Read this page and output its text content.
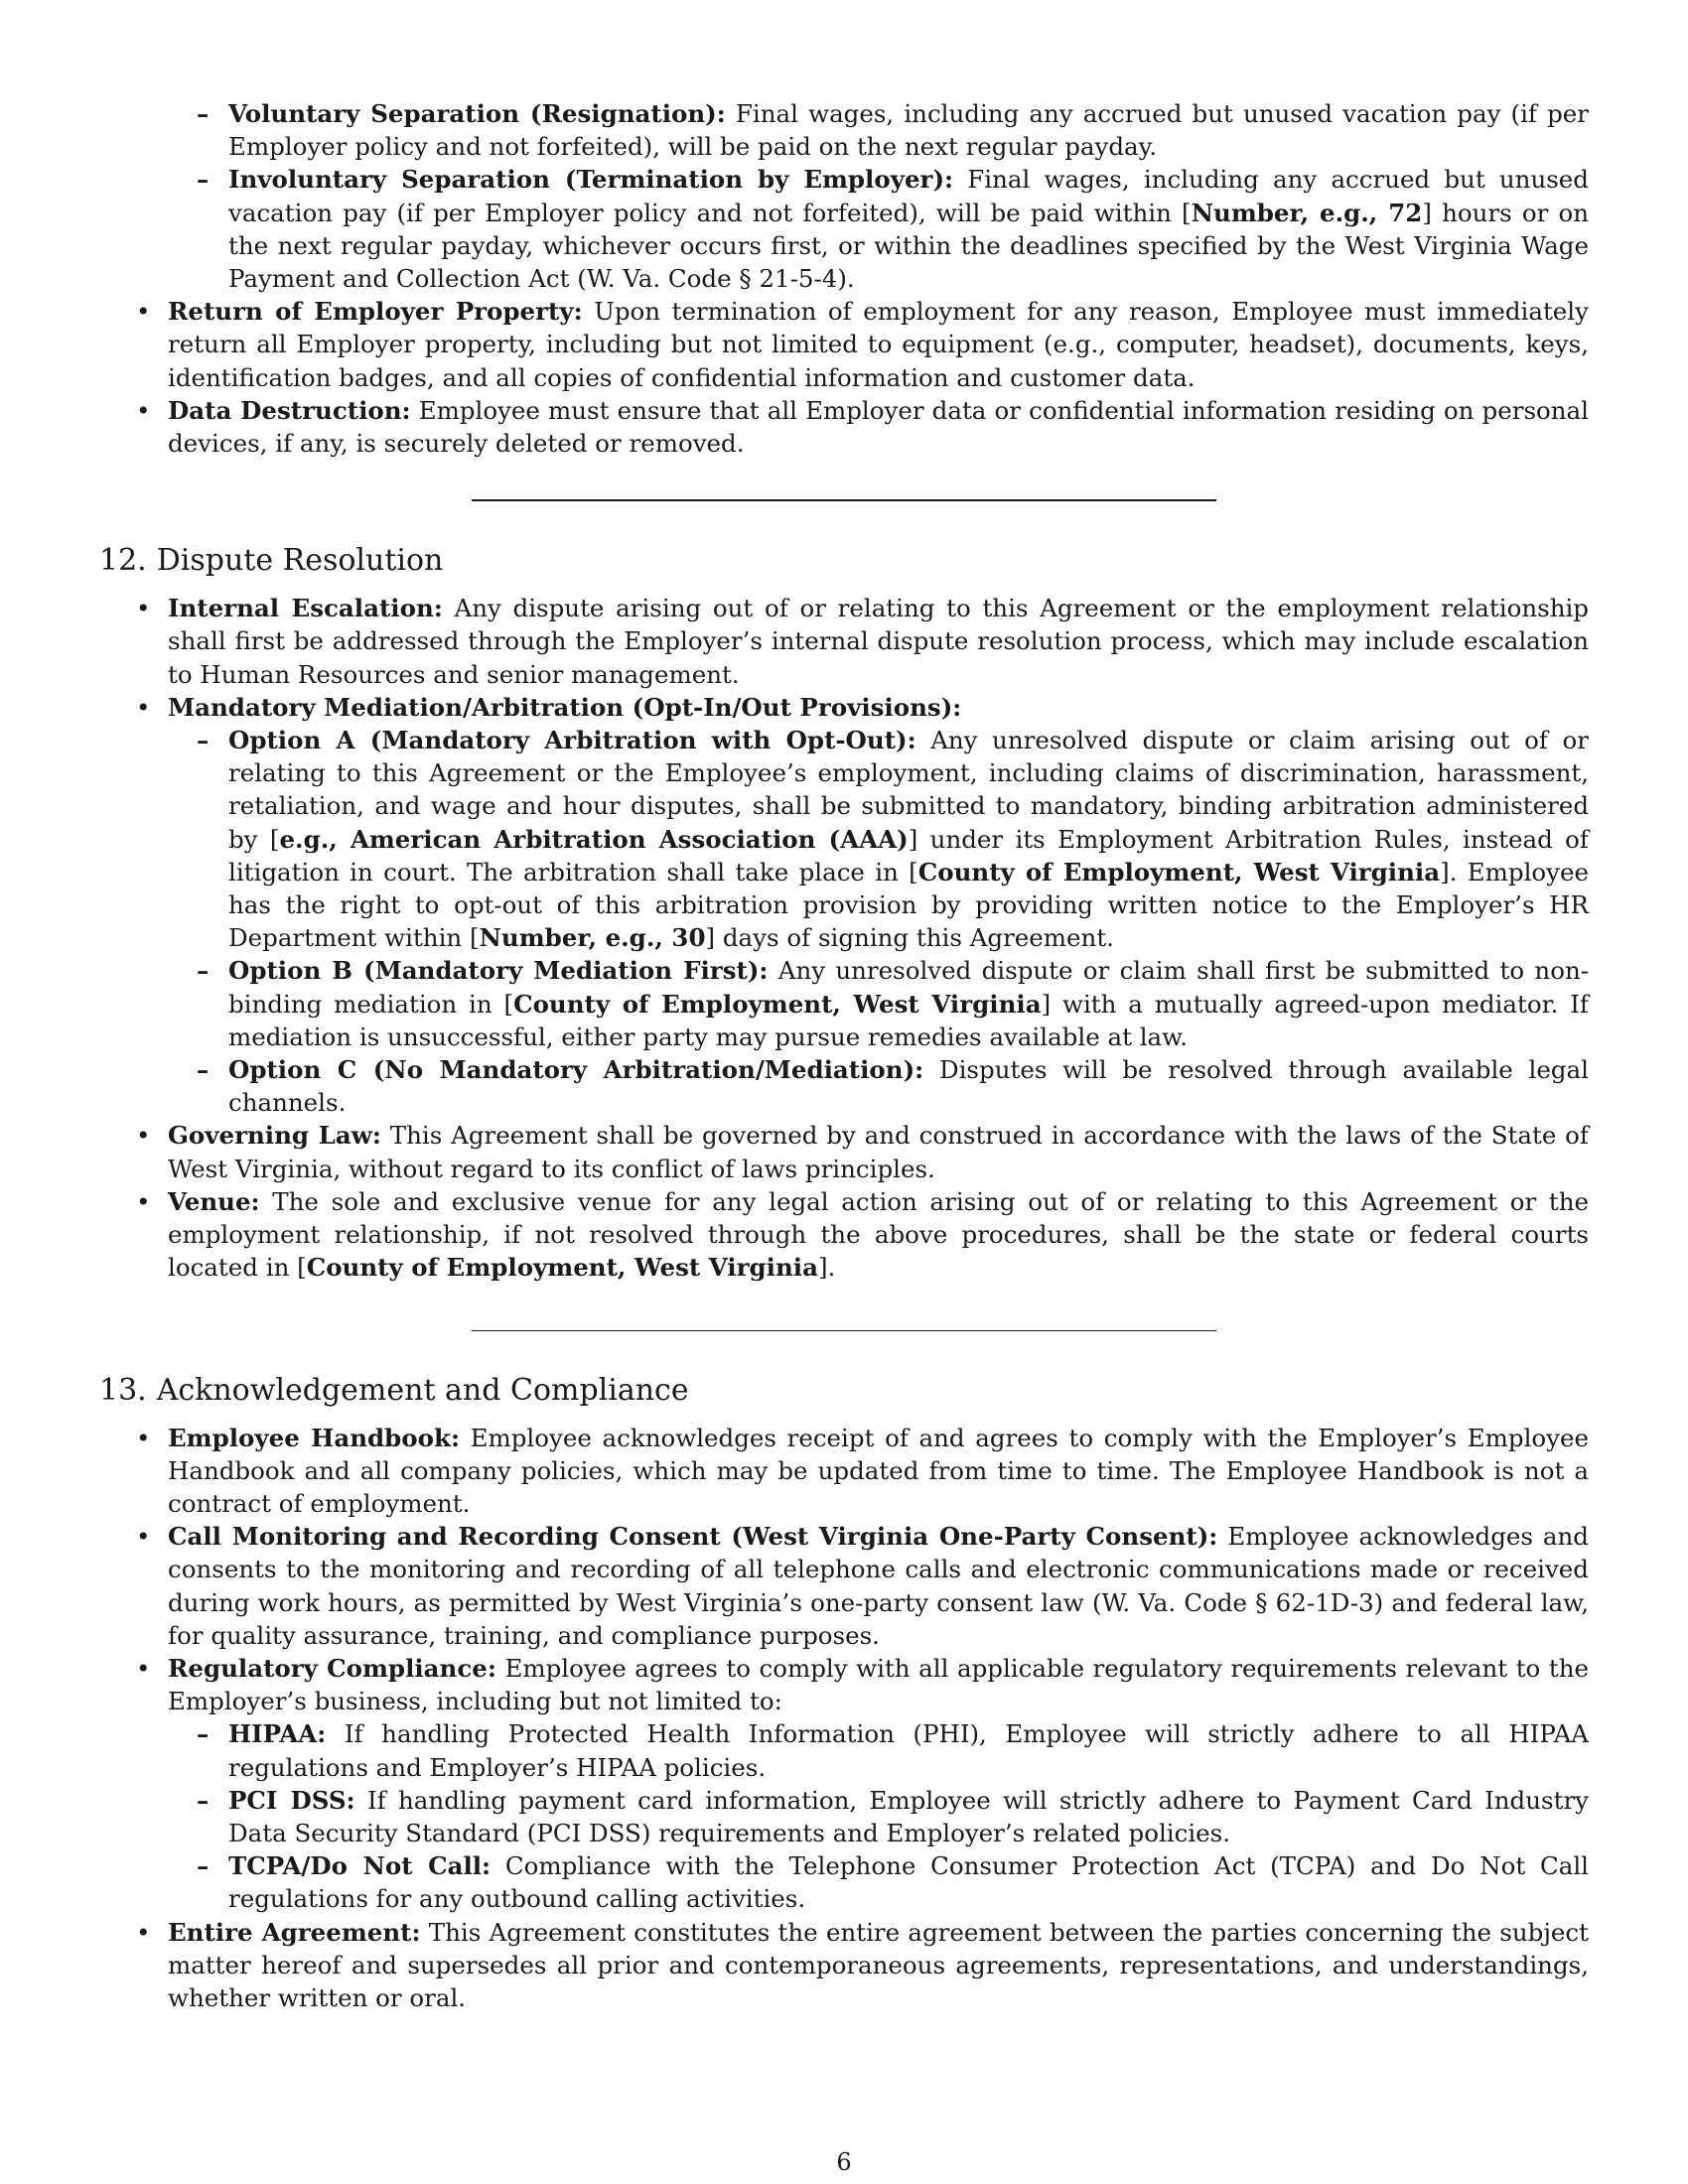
– Voluntary Separation (Resignation): Final wages, including any accrued but unused vacation pay (if per Employer policy and not forfeited), will be paid on the next regular payday.
– Involuntary Separation (Termination by Employer): Final wages, including any accrued but unused vacation pay (if per Employer policy and not forfeited), will be paid within [Number, e.g., 72] hours or on the next regular payday, whichever occurs first, or within the deadlines specified by the West Virginia Wage Payment and Collection Act (W. Va. Code § 21-5-4).
• Return of Employer Property: Upon termination of employment for any reason, Employee must immediately return all Employer property, including but not limited to equipment (e.g., computer, headset), documents, keys, identification badges, and all copies of confidential information and customer data.
• Data Destruction: Employee must ensure that all Employer data or confidential information residing on personal devices, if any, is securely deleted or removed.
12. Dispute Resolution
• Internal Escalation: Any dispute arising out of or relating to this Agreement or the employment relationship shall first be addressed through the Employer’s internal dispute resolution process, which may include escalation to Human Resources and senior management.
• Mandatory Mediation/Arbitration (Opt-In/Out Provisions):
– Option A (Mandatory Arbitration with Opt-Out): Any unresolved dispute or claim arising out of or relating to this Agreement or the Employee’s employment, including claims of discrimination, harassment, retaliation, and wage and hour disputes, shall be submitted to mandatory, binding arbitration administered by [e.g., American Arbitration Association (AAA)] under its Employment Arbitration Rules, instead of litigation in court. The arbitration shall take place in [County of Employment, West Virginia]. Employee has the right to opt-out of this arbitration provision by providing written notice to the Employer’s HR Department within [Number, e.g., 30] days of signing this Agreement.
– Option B (Mandatory Mediation First): Any unresolved dispute or claim shall first be submitted to non-binding mediation in [County of Employment, West Virginia] with a mutually agreed-upon mediator. If mediation is unsuccessful, either party may pursue remedies available at law.
– Option C (No Mandatory Arbitration/Mediation): Disputes will be resolved through available legal channels.
• Governing Law: This Agreement shall be governed by and construed in accordance with the laws of the State of West Virginia, without regard to its conflict of laws principles.
• Venue: The sole and exclusive venue for any legal action arising out of or relating to this Agreement or the employment relationship, if not resolved through the above procedures, shall be the state or federal courts located in [County of Employment, West Virginia].
13. Acknowledgement and Compliance
• Employee Handbook: Employee acknowledges receipt of and agrees to comply with the Employer’s Employee Handbook and all company policies, which may be updated from time to time. The Employee Handbook is not a contract of employment.
• Call Monitoring and Recording Consent (West Virginia One-Party Consent): Employee acknowledges and consents to the monitoring and recording of all telephone calls and electronic communications made or received during work hours, as permitted by West Virginia’s one-party consent law (W. Va. Code § 62-1D-3) and federal law, for quality assurance, training, and compliance purposes.
• Regulatory Compliance: Employee agrees to comply with all applicable regulatory requirements relevant to the Employer’s business, including but not limited to:
– HIPAA: If handling Protected Health Information (PHI), Employee will strictly adhere to all HIPAA regulations and Employer’s HIPAA policies.
– PCI DSS: If handling payment card information, Employee will strictly adhere to Payment Card Industry Data Security Standard (PCI DSS) requirements and Employer’s related policies.
– TCPA/Do Not Call: Compliance with the Telephone Consumer Protection Act (TCPA) and Do Not Call regulations for any outbound calling activities.
• Entire Agreement: This Agreement constitutes the entire agreement between the parties concerning the subject matter hereof and supersedes all prior and contemporaneous agreements, representations, and understandings, whether written or oral.
6
